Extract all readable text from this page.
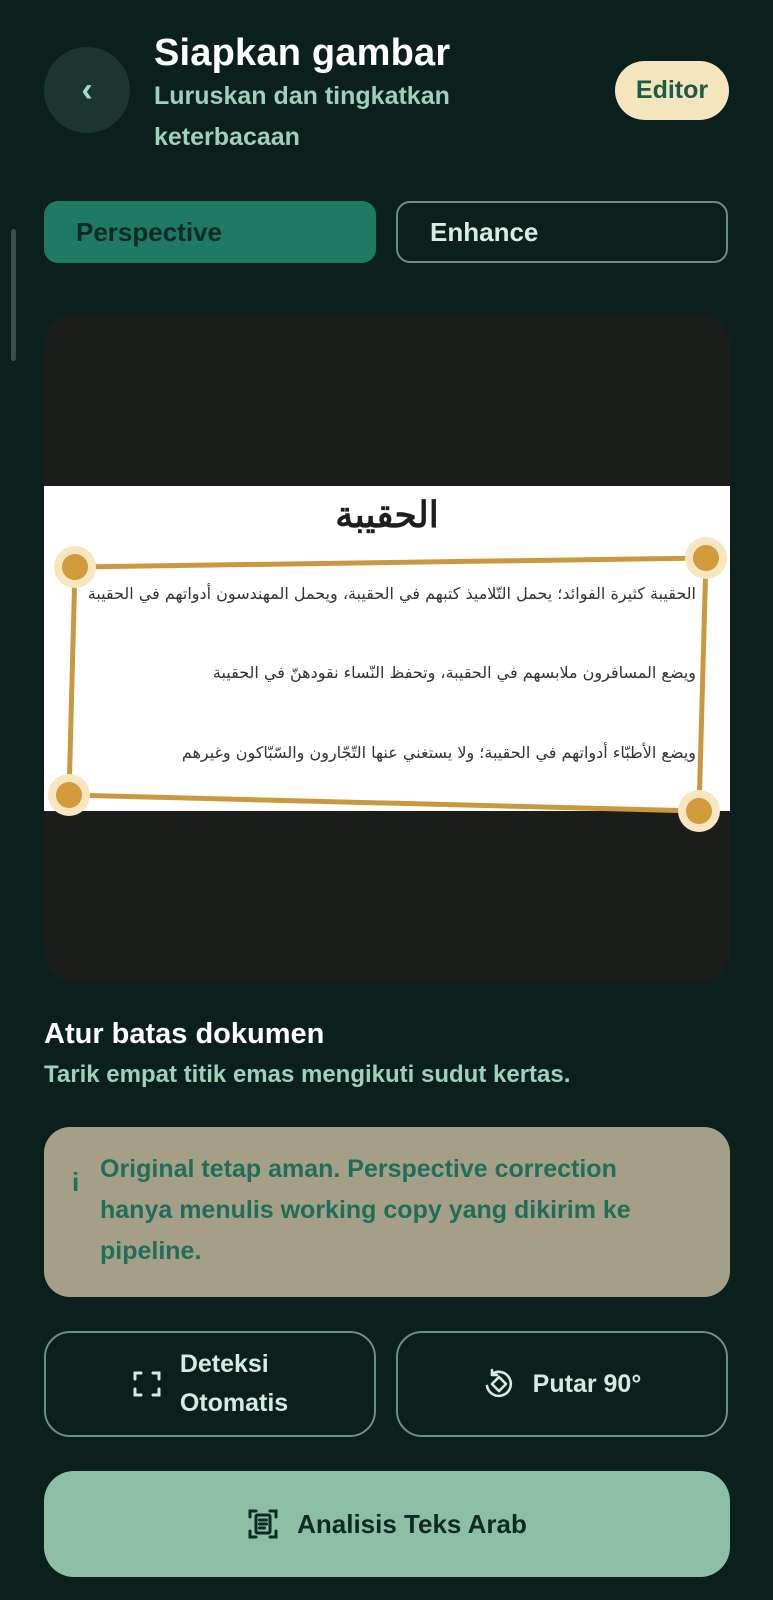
‹
Siapkan gambar
Luruskan dan tingkatkan keterbacaan
Editor
Perspective	Enhance
الحقيبة
الحقيبة كثيرة الفوائد؛ يحمل التّلاميذ كتبهم في الحقيبة، ويحمل المهندسون أدواتهم في الحقيبة
ويضع المسافرون ملابسهم في الحقيبة، وتحفظ النّساء نقودهنّ في الحقيبة
ويضع الأطبّاء أدواتهم في الحقيبة؛ ولا يستغني عنها التّجّارون والسّبّاكون وغيرهم
Atur batas dokumen
Tarik empat titik emas mengikuti sudut kertas.
i Original tetap aman. Perspective correction hanya menulis working copy yang dikirim ke pipeline.
Deteksi
Otomatis
Putar 90°
Analisis Teks Arab
